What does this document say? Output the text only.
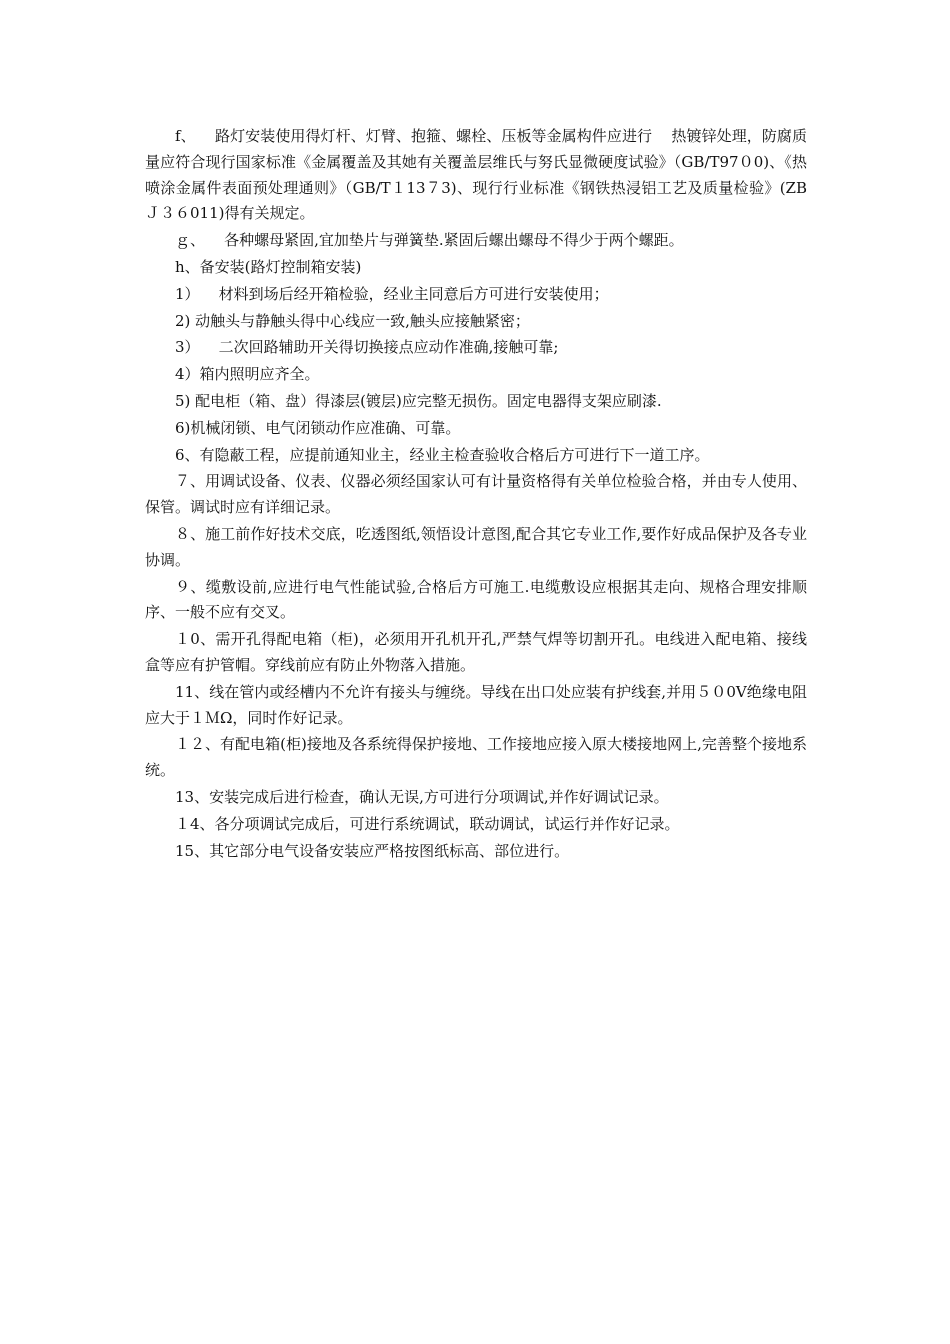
f、    路灯安装使用得灯杆、灯臂、抱箍、螺栓、压板等金属构件应进行    热镀锌处理，防腐质量应符合现行国家标准《金属覆盖及其她有关覆盖层维氏与努氏显微硬度试验》（GB/T97０0)、《热喷涂金属件表面预处理通则》（GB/T１13７3)、现行行业标准《钢铁热浸铝工艺及质量检验》(ZBＪ３６011)得有关规定。

ｇ、    各种螺母紧固,宜加垫片与弹簧垫.紧固后螺出螺母不得少于两个螺距。

h、备安装(路灯控制箱安装)

1）    材料到场后经开箱检验，经业主同意后方可进行安装使用；

2) 动触头与静触头得中心线应一致,触头应接触紧密；

3）    二次回路辅助开关得切换接点应动作准确,接触可靠;

4）箱内照明应齐全。

5) 配电柜（箱、盘）得漆层(镀层)应完整无损伤。固定电器得支架应刷漆.

6)机械闭锁、电气闭锁动作应准确、可靠。

6、有隐蔽工程，应提前通知业主，经业主检查验收合格后方可进行下一道工序。

７、用调试设备、仪表、仪器必须经国家认可有计量资格得有关单位检验合格，并由专人使用、保管。调试时应有详细记录。

８、施工前作好技术交底，吃透图纸,领悟设计意图,配合其它专业工作,要作好成品保护及各专业协调。

９、缆敷设前,应进行电气性能试验,合格后方可施工.电缆敷设应根据其走向、规格合理安排顺序、一般不应有交叉。

１0、需开孔得配电箱（柜)，必须用开孔机开孔,严禁气焊等切割开孔。电线进入配电箱、接线盒等应有护管帽。穿线前应有防止外物落入措施。

11、线在管内或经槽内不允许有接头与缠绕。导线在出口处应装有护线套,并用５０0V绝缘电阻应大于１ＭΩ，同时作好记录。

１２、有配电箱(柜)接地及各系统得保护接地、工作接地应接入原大楼接地网上,完善整个接地系统。

13、安装完成后进行检查，确认无误,方可进行分项调试,并作好调试记录。

１4、各分项调试完成后，可进行系统调试，联动调试，试运行并作好记录。

15、其它部分电气设备安装应严格按图纸标高、部位进行。
